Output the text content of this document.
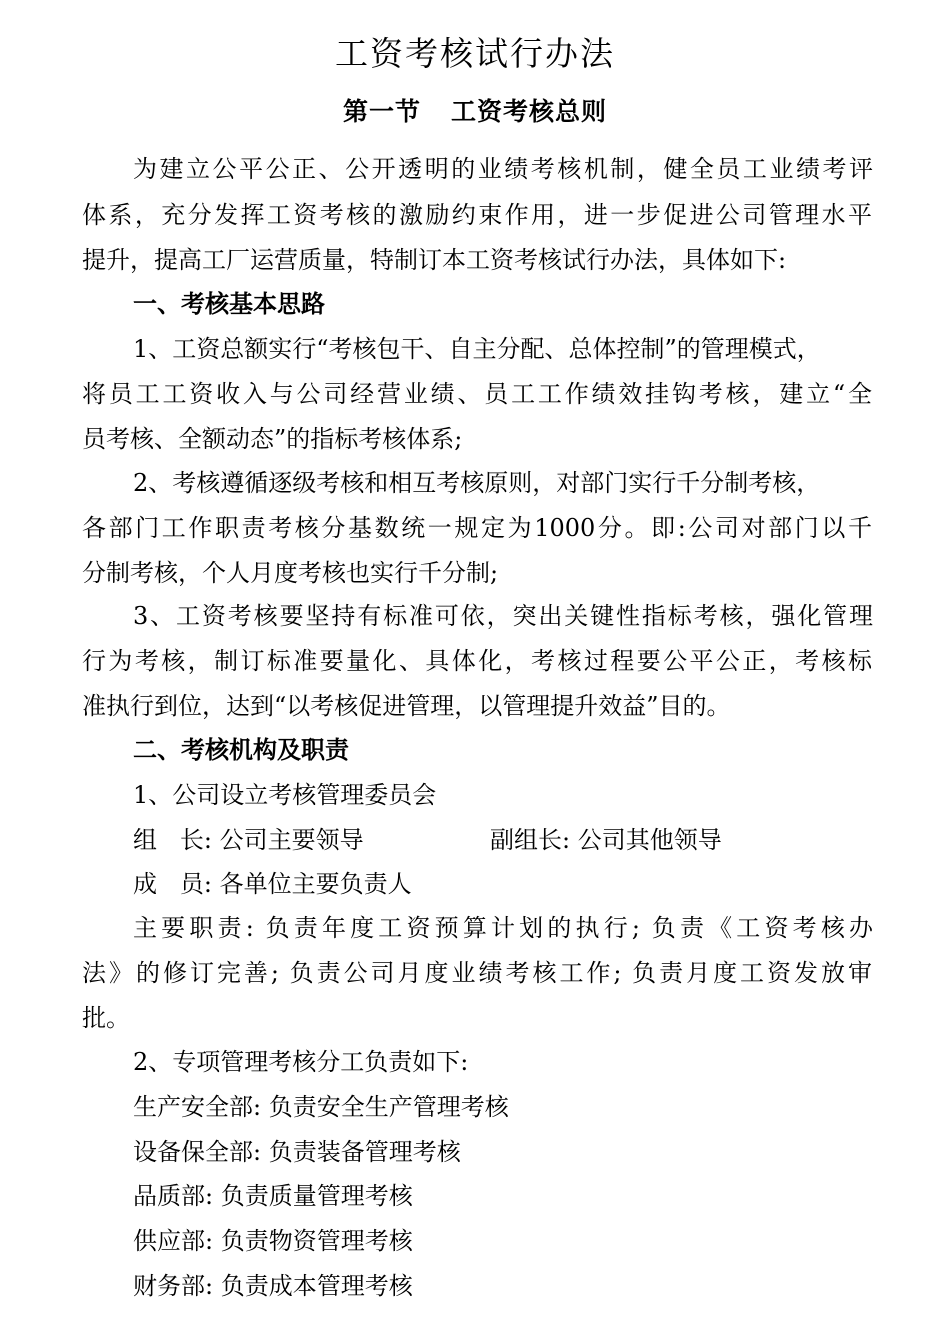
工资考核试行办法
第一节 工资考核总则
为建立公平公正、公开透明的业绩考核机制，健全员工业绩考评
体系，充分发挥工资考核的激励约束作用，进一步促进公司管理水平
提升，提高工厂运营质量，特制订本工资考核试行办法，具体如下:
一、考核基本思路
1、工资总额实行“考核包干、自主分配、总体控制”的管理模式，
将员工工资收入与公司经营业绩、员工工作绩效挂钩考核，建立“全
员考核、全额动态”的指标考核体系;
2、考核遵循逐级考核和相互考核原则，对部门实行千分制考核，
各部门工作职责考核分基数统一规定为1000分。即:公司对部门以千
分制考核，个人月度考核也实行千分制;
3、工资考核要坚持有标准可依，突出关键性指标考核，强化管理
行为考核，制订标准要量化、具体化，考核过程要公平公正，考核标
准执行到位，达到“以考核促进管理，以管理提升效益”目的。
二、考核机构及职责
1、公司设立考核管理委员会
组   长: 公司主要领导	副组长: 公司其他领导
成   员: 各单位主要负责人
主要职责: 负责年度工资预算计划的执行; 负责《工资考核办
法》的修订完善; 负责公司月度业绩考核工作; 负责月度工资发放审
批。
2、专项管理考核分工负责如下:
生产安全部: 负责安全生产管理考核
设备保全部: 负责装备管理考核
品质部: 负责质量管理考核
供应部: 负责物资管理考核
财务部: 负责成本管理考核
